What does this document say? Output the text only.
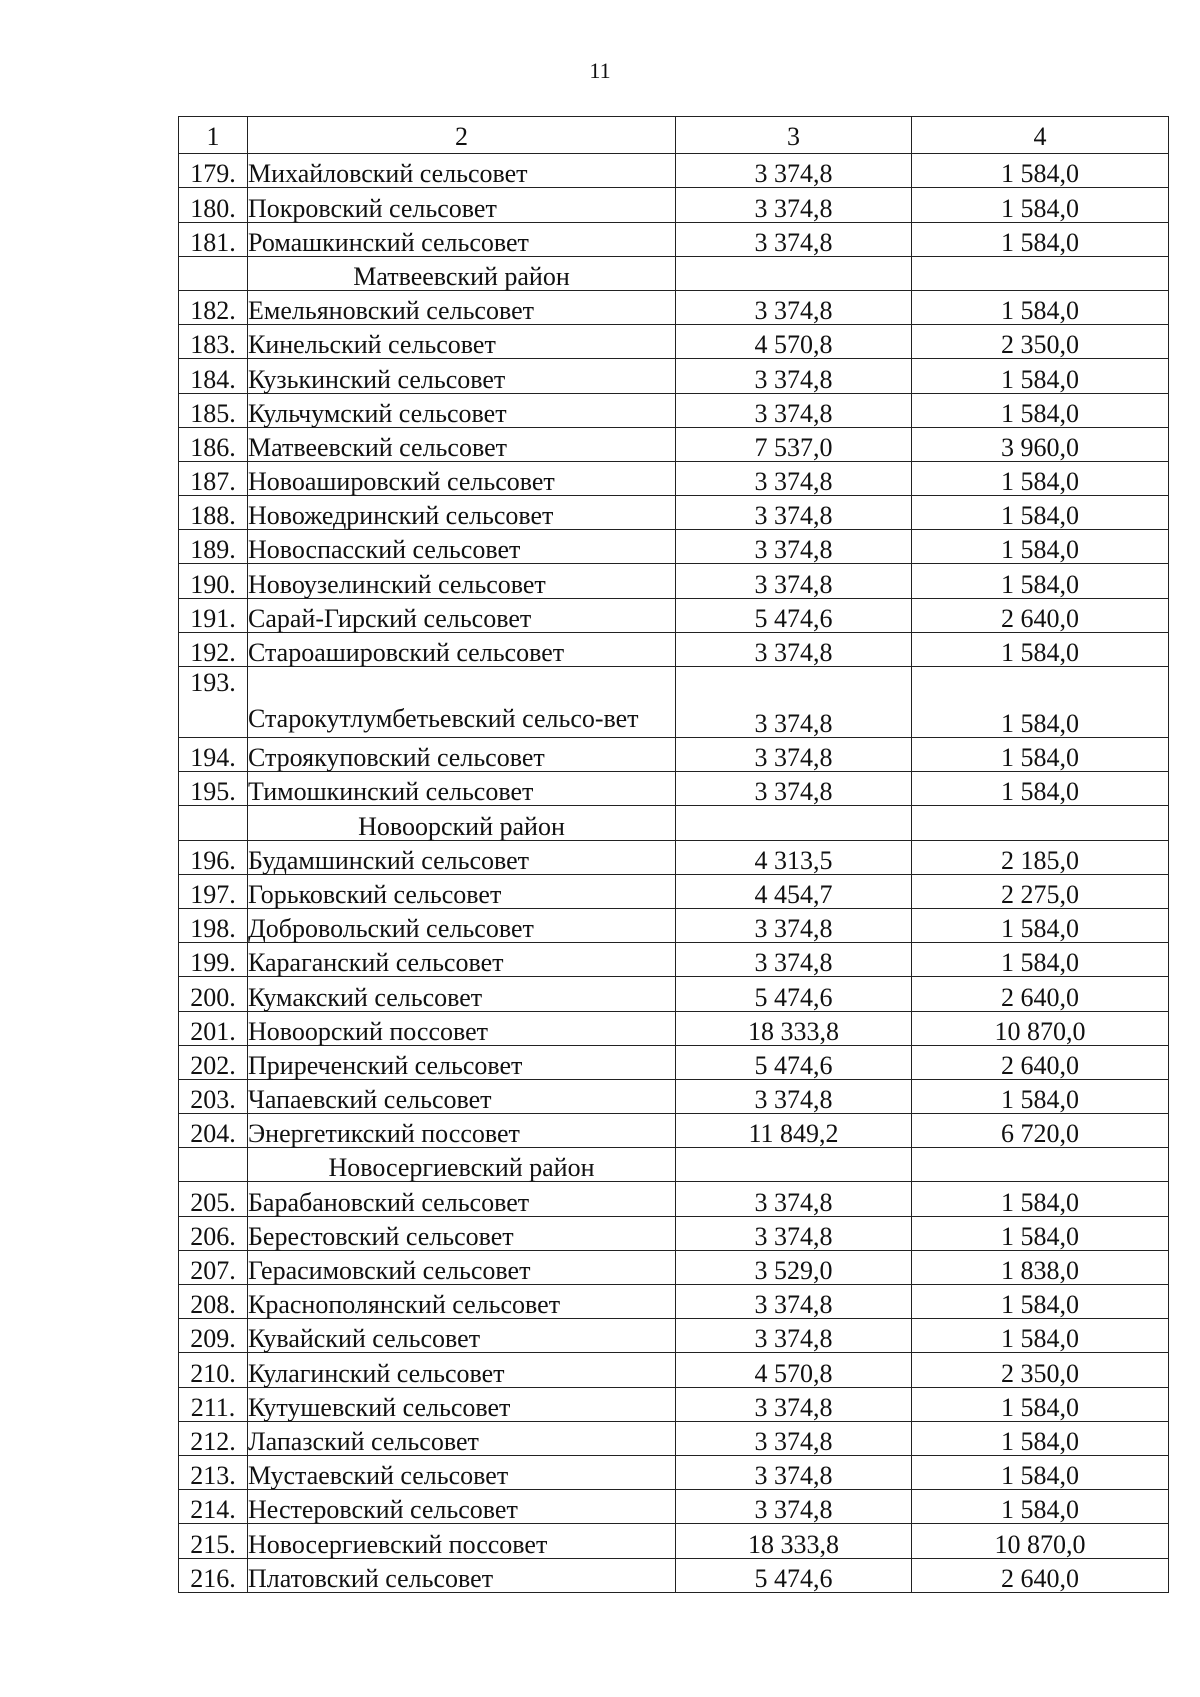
11
1	2	3	4
179.	Михайловский сельсовет	3 374,8	1 584,0
180.	Покровский сельсовет	3 374,8	1 584,0
181.	Ромашкинский сельсовет	3 374,8	1 584,0
	Матвеевский район		
182.	Емельяновский сельсовет	3 374,8	1 584,0
183.	Кинельский сельсовет	4 570,8	2 350,0
184.	Кузькинский сельсовет	3 374,8	1 584,0
185.	Кульчумский сельсовет	3 374,8	1 584,0
186.	Матвеевский сельсовет	7 537,0	3 960,0
187.	Новоашировский сельсовет	3 374,8	1 584,0
188.	Новожедринский сельсовет	3 374,8	1 584,0
189.	Новоспасский сельсовет	3 374,8	1 584,0
190.	Новоузелинский сельсовет	3 374,8	1 584,0
191.	Сарай-Гирский сельсовет	5 474,6	2 640,0
192.	Староашировский сельсовет	3 374,8	1 584,0
193.	Старокутлумбетьевский сельсо-вет	3 374,8	1 584,0
194.	Строякуповский сельсовет	3 374,8	1 584,0
195.	Тимошкинский сельсовет	3 374,8	1 584,0
	Новоорский район		
196.	Будамшинский сельсовет	4 313,5	2 185,0
197.	Горьковский сельсовет	4 454,7	2 275,0
198.	Добровольский сельсовет	3 374,8	1 584,0
199.	Караганский сельсовет	3 374,8	1 584,0
200.	Кумакский сельсовет	5 474,6	2 640,0
201.	Новоорский поссовет	18 333,8	10 870,0
202.	Приреченский сельсовет	5 474,6	2 640,0
203.	Чапаевский сельсовет	3 374,8	1 584,0
204.	Энергетикский поссовет	11 849,2	6 720,0
	Новосергиевский район		
205.	Барабановский сельсовет	3 374,8	1 584,0
206.	Берестовский сельсовет	3 374,8	1 584,0
207.	Герасимовский сельсовет	3 529,0	1 838,0
208.	Краснополянский сельсовет	3 374,8	1 584,0
209.	Кувайский сельсовет	3 374,8	1 584,0
210.	Кулагинский сельсовет	4 570,8	2 350,0
211.	Кутушевский сельсовет	3 374,8	1 584,0
212.	Лапазский сельсовет	3 374,8	1 584,0
213.	Мустаевский сельсовет	3 374,8	1 584,0
214.	Нестеровский сельсовет	3 374,8	1 584,0
215.	Новосергиевский поссовет	18 333,8	10 870,0
216.	Платовский сельсовет	5 474,6	2 640,0
